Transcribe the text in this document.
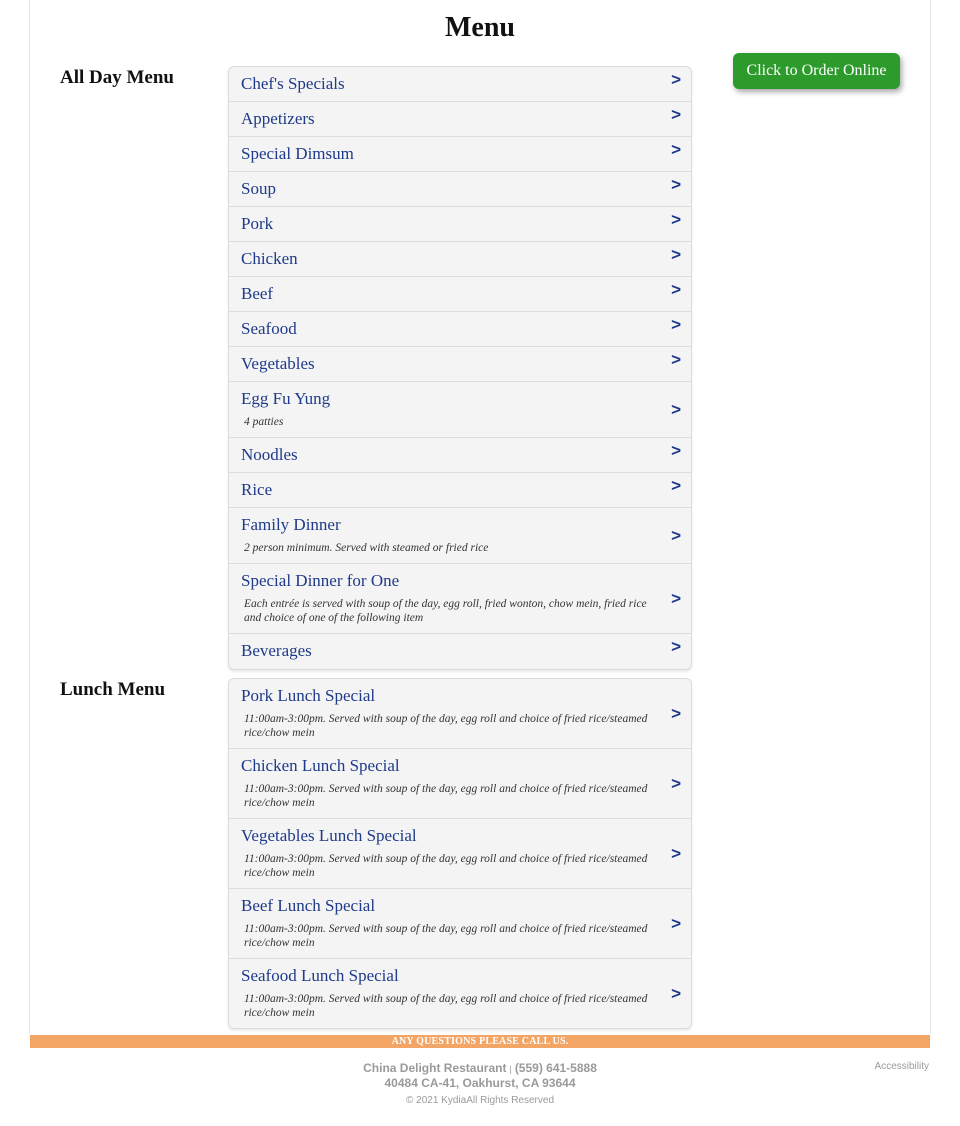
Menu
All Day Menu	Chef's Specials	>
Appetizers	>
Special Dimsum	>
Soup	>
Pork	>
Chicken	>
Beef	>
Seafood	>
Vegetables	>
Egg Fu Yung
4 patties
>
Noodles	>
Rice	>
Family Dinner
2 person minimum. Served with steamed or fried rice
>
Special Dinner for One
Each entrée is served with soup of the day, egg roll, fried wonton, chow mein, fried rice and choice of one of the following item
>
Beverages	>
Click to Order Online
Lunch Menu	Pork Lunch Special
11:00am-3:00pm. Served with soup of the day, egg roll and choice of fried rice/steamed rice/chow mein
>
Chicken Lunch Special
11:00am-3:00pm. Served with soup of the day, egg roll and choice of fried rice/steamed rice/chow mein
>
Vegetables Lunch Special
11:00am-3:00pm. Served with soup of the day, egg roll and choice of fried rice/steamed rice/chow mein
>
Beef Lunch Special
11:00am-3:00pm. Served with soup of the day, egg roll and choice of fried rice/steamed rice/chow mein
>
Seafood Lunch Special
11:00am-3:00pm. Served with soup of the day, egg roll and choice of fried rice/steamed rice/chow mein
>
ANY QUESTIONS PLEASE CALL US.
China Delight Restaurant | (559) 641-5888
40484 CA-41, Oakhurst, CA 93644
© 2021 KydiaAll Rights Reserved
Accessibility
